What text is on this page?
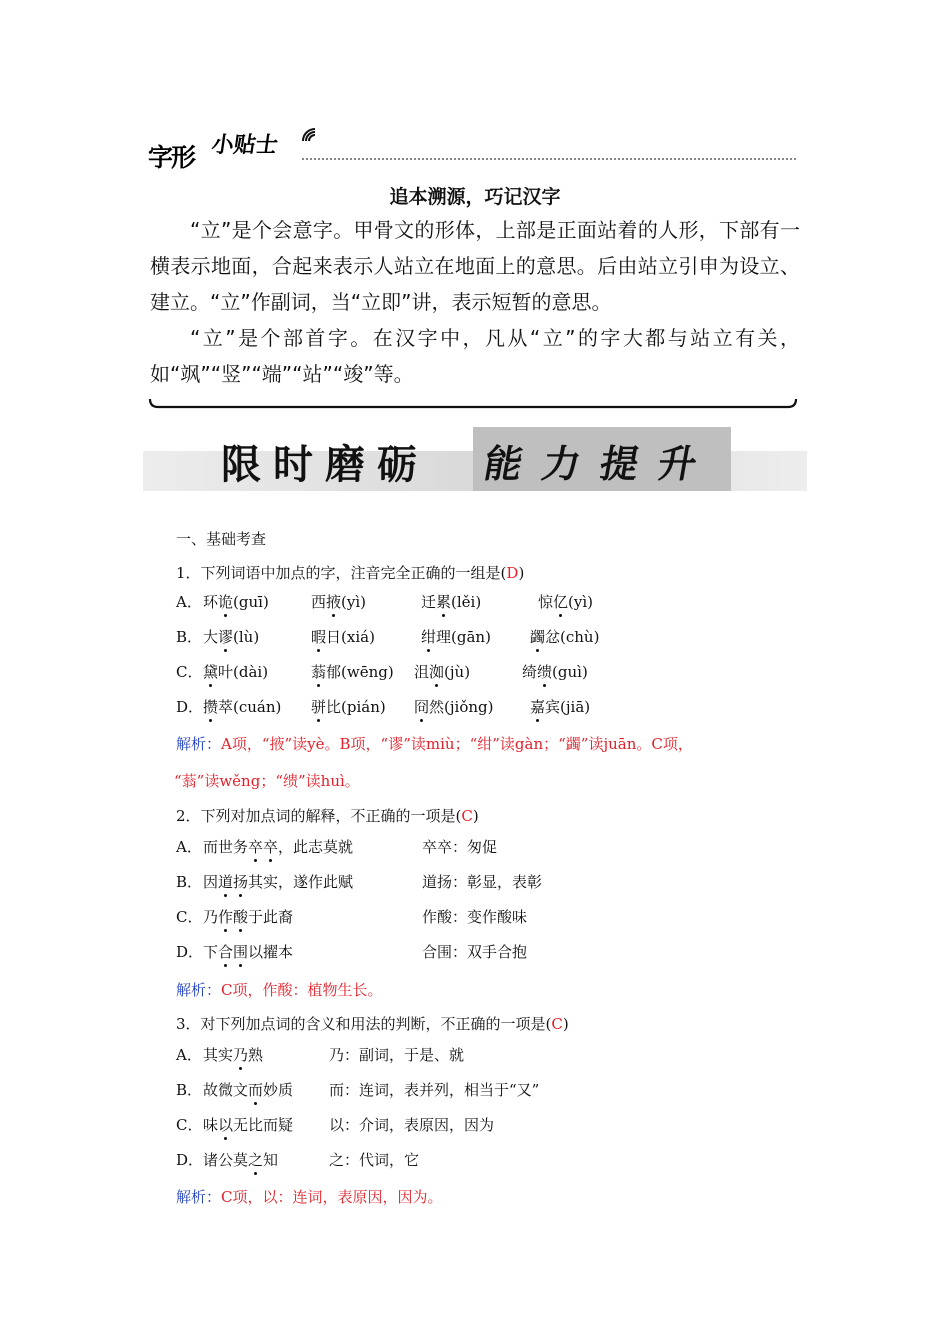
字形 小贴士
追本溯源，巧记汉字

“立”是个会意字。甲骨文的形体，上部是正面站着的人形，下部有一横表示地面，合起来表示人站立在地面上的意思。后由站立引申为设立、建立。“立”作副词，当“立即”讲，表示短暂的意思。

“立”是个部首字。在汉字中，凡从“立”的字大都与站立有关，如“飒”“竖”“端”“站”“竣”等。

限时磨砺 能力提升
一、基础考查
1．下列词语中加点的字，注音完全正确的一组是(D)
A． 环诡(guī)	西掖(yì)	迁累(lěi)	惊亿(yì)
B． 大谬(lù)	暇日(xiá)	绀理(gān)	蠲忿(chù)
C． 黛叶(dài)	蓊郁(wēng) 沮洳(jù)	绮缋(guì)
D． 攒萃(cuán) 骈比(pián) 冏然(jiǒng) 嘉宾(jiā)
解析：A项，“掖”读yè。B项，“谬”读miù；“绀”读gàn；“蠲”读juān。C项，
“蓊”读wěng；“缋”读huì。
2．下列对加点词的解释，不正确的一项是(C)
A． 而世务卒卒，此志莫就	卒卒：匆促
B． 因道扬其实，遂作此赋	道扬：彰显，表彰
C． 乃作酸于此裔	作酸：变作酸味
D． 下合围以擢本	合围：双手合抱
解析：C项，作酸：植物生长。
3．对下列加点词的含义和用法的判断，不正确的一项是(C)
A． 其实乃熟	乃：副词，于是、就
B． 故微文而妙质 而：连词，表并列，相当于“又”
C． 味以无比而疑 以：介词，表原因，因为
D． 诸公莫之知	之：代词，它
解析：C项，以：连词，表原因，因为。
